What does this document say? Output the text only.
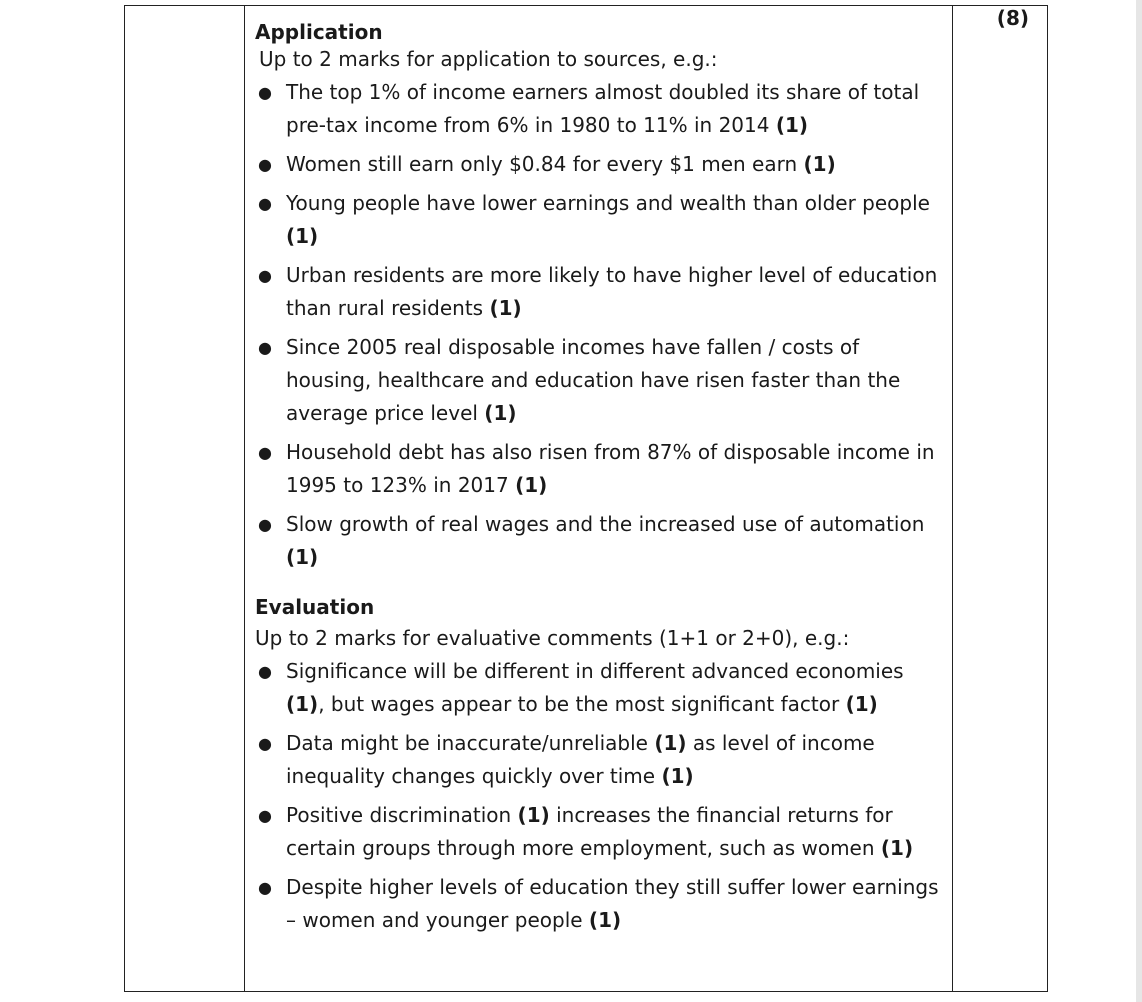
Application

Up to 2 marks for application to sources, e.g.:

● The top 1% of income earners almost doubled its share of total pre-tax income from 6% in 1980 to 11% in 2014 (1)
● Women still earn only $0.84 for every $1 men earn (1)
● Young people have lower earnings and wealth than older people
(1)
● Urban residents are more likely to have higher level of education than rural residents (1)
● Since 2005 real disposable incomes have fallen / costs of housing, healthcare and education have risen faster than the average price level (1)
● Household debt has also risen from 87% of disposable income in 1995 to 123% in 2017 (1)
● Slow growth of real wages and the increased use of automation
(1)

Evaluation

Up to 2 marks for evaluative comments (1+1 or 2+0), e.g.:

● Significance will be different in different advanced economies (1), but wages appear to be the most significant factor (1)
● Data might be inaccurate/unreliable (1) as level of income inequality changes quickly over time (1)
● Positive discrimination (1) increases the financial returns for certain groups through more employment, such as women (1)
● Despite higher levels of education they still suffer lower earnings – women and younger people (1)

(8)
